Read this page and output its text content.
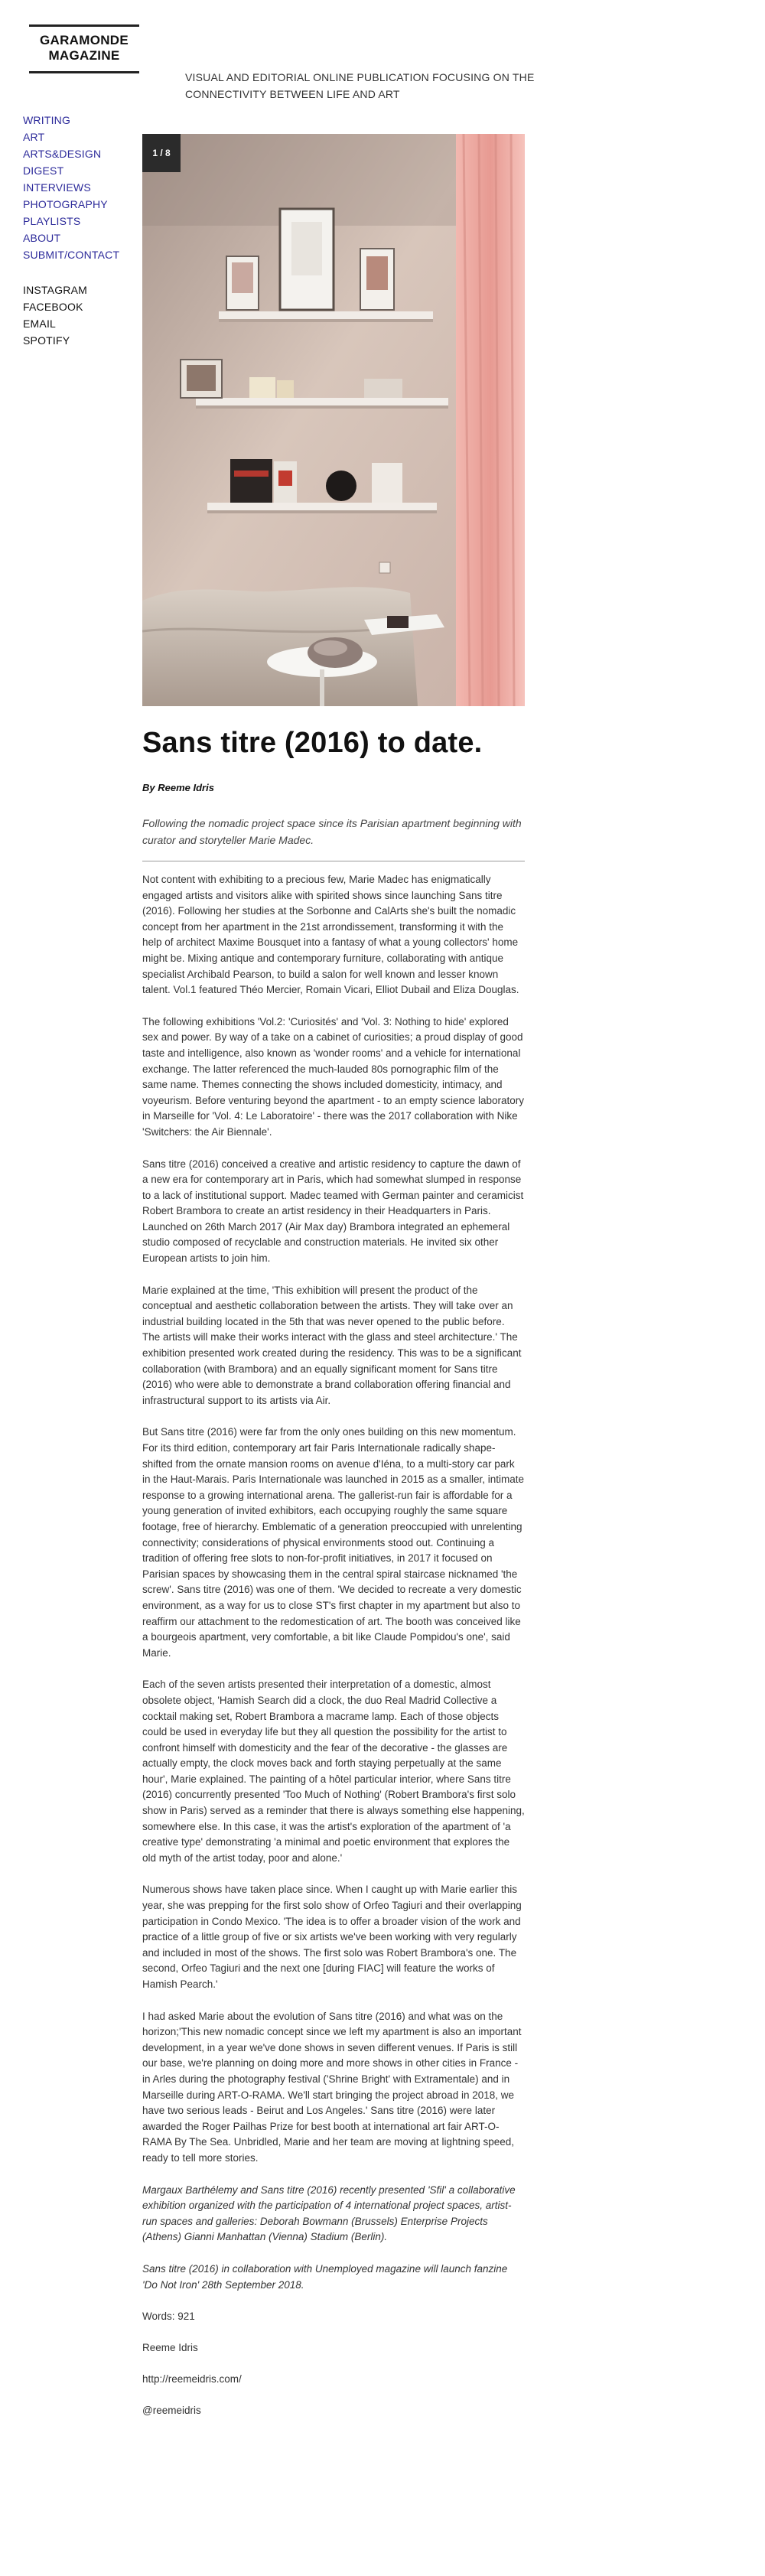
GARAMONDE
MAGAZINE
VISUAL AND EDITORIAL ONLINE PUBLICATION FOCUSING ON THE CONNECTIVITY BETWEEN LIFE AND ART
WRITING
ART
ARTS&DESIGN
DIGEST
INTERVIEWS
PHOTOGRAPHY
PLAYLISTS
ABOUT
SUBMIT/CONTACT
INSTAGRAM
FACEBOOK
EMAIL
SPOTIFY
1 / 8
Sans titre (2016) to date.
By Reeme Idris
Following the nomadic project space since its Parisian apartment beginning with curator and storyteller Marie Madec.

Not content with exhibiting to a precious few, Marie Madec has enigmatically engaged artists and visitors alike with spirited shows since launching Sans titre (2016). Following her studies at the Sorbonne and CalArts she's built the nomadic concept from her apartment in the 21st arrondissement, transforming it with the help of architect Maxime Bousquet into a fantasy of what a young collectors' home might be. Mixing antique and contemporary furniture, collaborating with antique specialist Archibald Pearson, to build a salon for well known and lesser known talent. Vol.1 featured Théo Mercier, Romain Vicari, Elliot Dubail and Eliza Douglas.

The following exhibitions 'Vol.2: 'Curiosités' and 'Vol. 3: Nothing to hide' explored sex and power. By way of a take on a cabinet of curiosities; a proud display of good taste and intelligence, also known as 'wonder rooms' and a vehicle for international exchange. The latter referenced the much-lauded 80s pornographic film of the same name. Themes connecting the shows included domesticity, intimacy, and voyeurism. Before venturing beyond the apartment - to an empty science laboratory in Marseille for 'Vol. 4: Le Laboratoire' - there was the 2017 collaboration with Nike 'Switchers: the Air Biennale'.

Sans titre (2016) conceived a creative and artistic residency to capture the dawn of a new era for contemporary art in Paris, which had somewhat slumped in response to a lack of institutional support. Madec teamed with German painter and ceramicist Robert Brambora to create an artist residency in their Headquarters in Paris. Launched on 26th March 2017 (Air Max day) Brambora integrated an ephemeral studio composed of recyclable and construction materials. He invited six other European artists to join him.

Marie explained at the time, 'This exhibition will present the product of the conceptual and aesthetic collaboration between the artists. They will take over an industrial building located in the 5th that was never opened to the public before. The artists will make their works interact with the glass and steel architecture.' The exhibition presented work created during the residency. This was to be a significant collaboration (with Brambora) and an equally significant moment for Sans titre (2016) who were able to demonstrate a brand collaboration offering financial and infrastructural support to its artists via Air.

But Sans titre (2016) were far from the only ones building on this new momentum. For its third edition, contemporary art fair Paris Internationale radically shape-shifted from the ornate mansion rooms on avenue d'Iéna, to a multi-story car park in the Haut-Marais. Paris Internationale was launched in 2015 as a smaller, intimate response to a growing international arena. The gallerist-run fair is affordable for a young generation of invited exhibitors, each occupying roughly the same square footage, free of hierarchy. Emblematic of a generation preoccupied with unrelenting connectivity; considerations of physical environments stood out. Continuing a tradition of offering free slots to non-for-profit initiatives, in 2017 it focused on Parisian spaces by showcasing them in the central spiral staircase nicknamed 'the screw'. Sans titre (2016) was one of them. 'We decided to recreate a very domestic environment, as a way for us to close ST's first chapter in my apartment but also to reaffirm our attachment to the redomestication of art. The booth was conceived like a bourgeois apartment, very comfortable, a bit like Claude Pompidou's one', said Marie.

Each of the seven artists presented their interpretation of a domestic, almost obsolete object, 'Hamish Search did a clock, the duo Real Madrid Collective a cocktail making set, Robert Brambora a macrame lamp. Each of those objects could be used in everyday life but they all question the possibility for the artist to confront himself with domesticity and the fear of the decorative - the glasses are actually empty, the clock moves back and forth staying perpetually at the same hour', Marie explained. The painting of a hôtel particular interior, where Sans titre (2016) concurrently presented 'Too Much of Nothing' (Robert Brambora's first solo show in Paris) served as a reminder that there is always something else happening, somewhere else. In this case, it was the artist's exploration of the apartment of 'a creative type' demonstrating 'a minimal and poetic environment that explores the old myth of the artist today, poor and alone.'

Numerous shows have taken place since. When I caught up with Marie earlier this year, she was prepping for the first solo show of Orfeo Tagiuri and their overlapping participation in Condo Mexico. 'The idea is to offer a broader vision of the work and practice of a little group of five or six artists we've been working with very regularly and included in most of the shows. The first solo was Robert Brambora's one. The second, Orfeo Tagiuri and the next one [during FIAC] will feature the works of Hamish Pearch.'

I had asked Marie about the evolution of Sans titre (2016) and what was on the horizon;'This new nomadic concept since we left my apartment is also an important development, in a year we've done shows in seven different venues. If Paris is still our base, we're planning on doing more and more shows in other cities in France - in Arles during the photography festival ('Shrine Bright' with Extramentale) and in Marseille during ART-O-RAMA. We'll start bringing the project abroad in 2018, we have two serious leads - Beirut and Los Angeles.' Sans titre (2016) were later awarded the Roger Pailhas Prize for best booth at international art fair ART-O-RAMA By The Sea. Unbridled, Marie and her team are moving at lightning speed, ready to tell more stories.

Margaux Barthélemy and Sans titre (2016) recently presented 'Sfil' a collaborative exhibition organized with the participation of 4 international project spaces, artist-run spaces and galleries: Deborah Bowmann (Brussels) Enterprise Projects (Athens) Gianni Manhattan (Vienna) Stadium (Berlin).

Sans titre (2016) in collaboration with Unemployed magazine will launch fanzine 'Do Not Iron' 28th September 2018.

Words: 921

Reeme Idris

http://reemeidris.com/

@reemeidris
